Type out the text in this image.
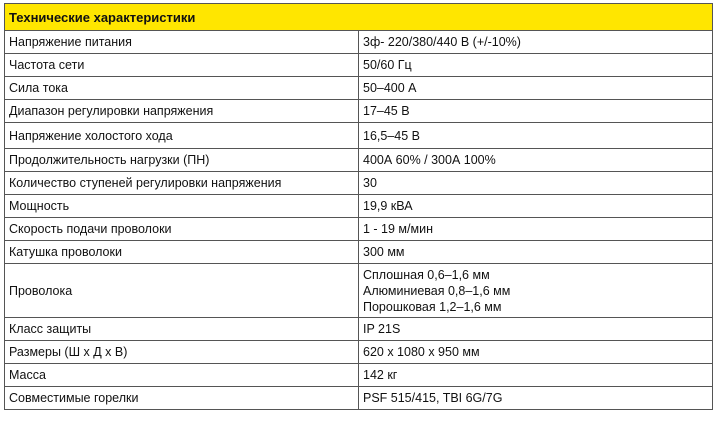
Технические характеристики	
Напряжение питания	3ф- 220/380/440 В (+/-10%)
Частота сети	50/60 Гц
Сила тока	50–400 А
Диапазон регулировки напряжения	17–45 В
Напряжение холостого хода	16,5–45 В
Продолжительность нагрузки (ПН)	400А 60% / 300А 100%
Количество ступеней регулировки напряжения	30
Мощность	19,9 кВА
Скорость подачи проволоки	1 - 19 м/мин
Катушка проволоки	300 мм
Проволока	Сплошная 0,6–1,6 мм
Алюминиевая 0,8–1,6 мм
Порошковая 1,2–1,6 мм

Класс защиты	IP 21S
Размеры (Ш х Д х В)	620 х 1080 х 950 мм
Масса	142 кг
Совместимые горелки	PSF 515/415, TBI 6G/7G
